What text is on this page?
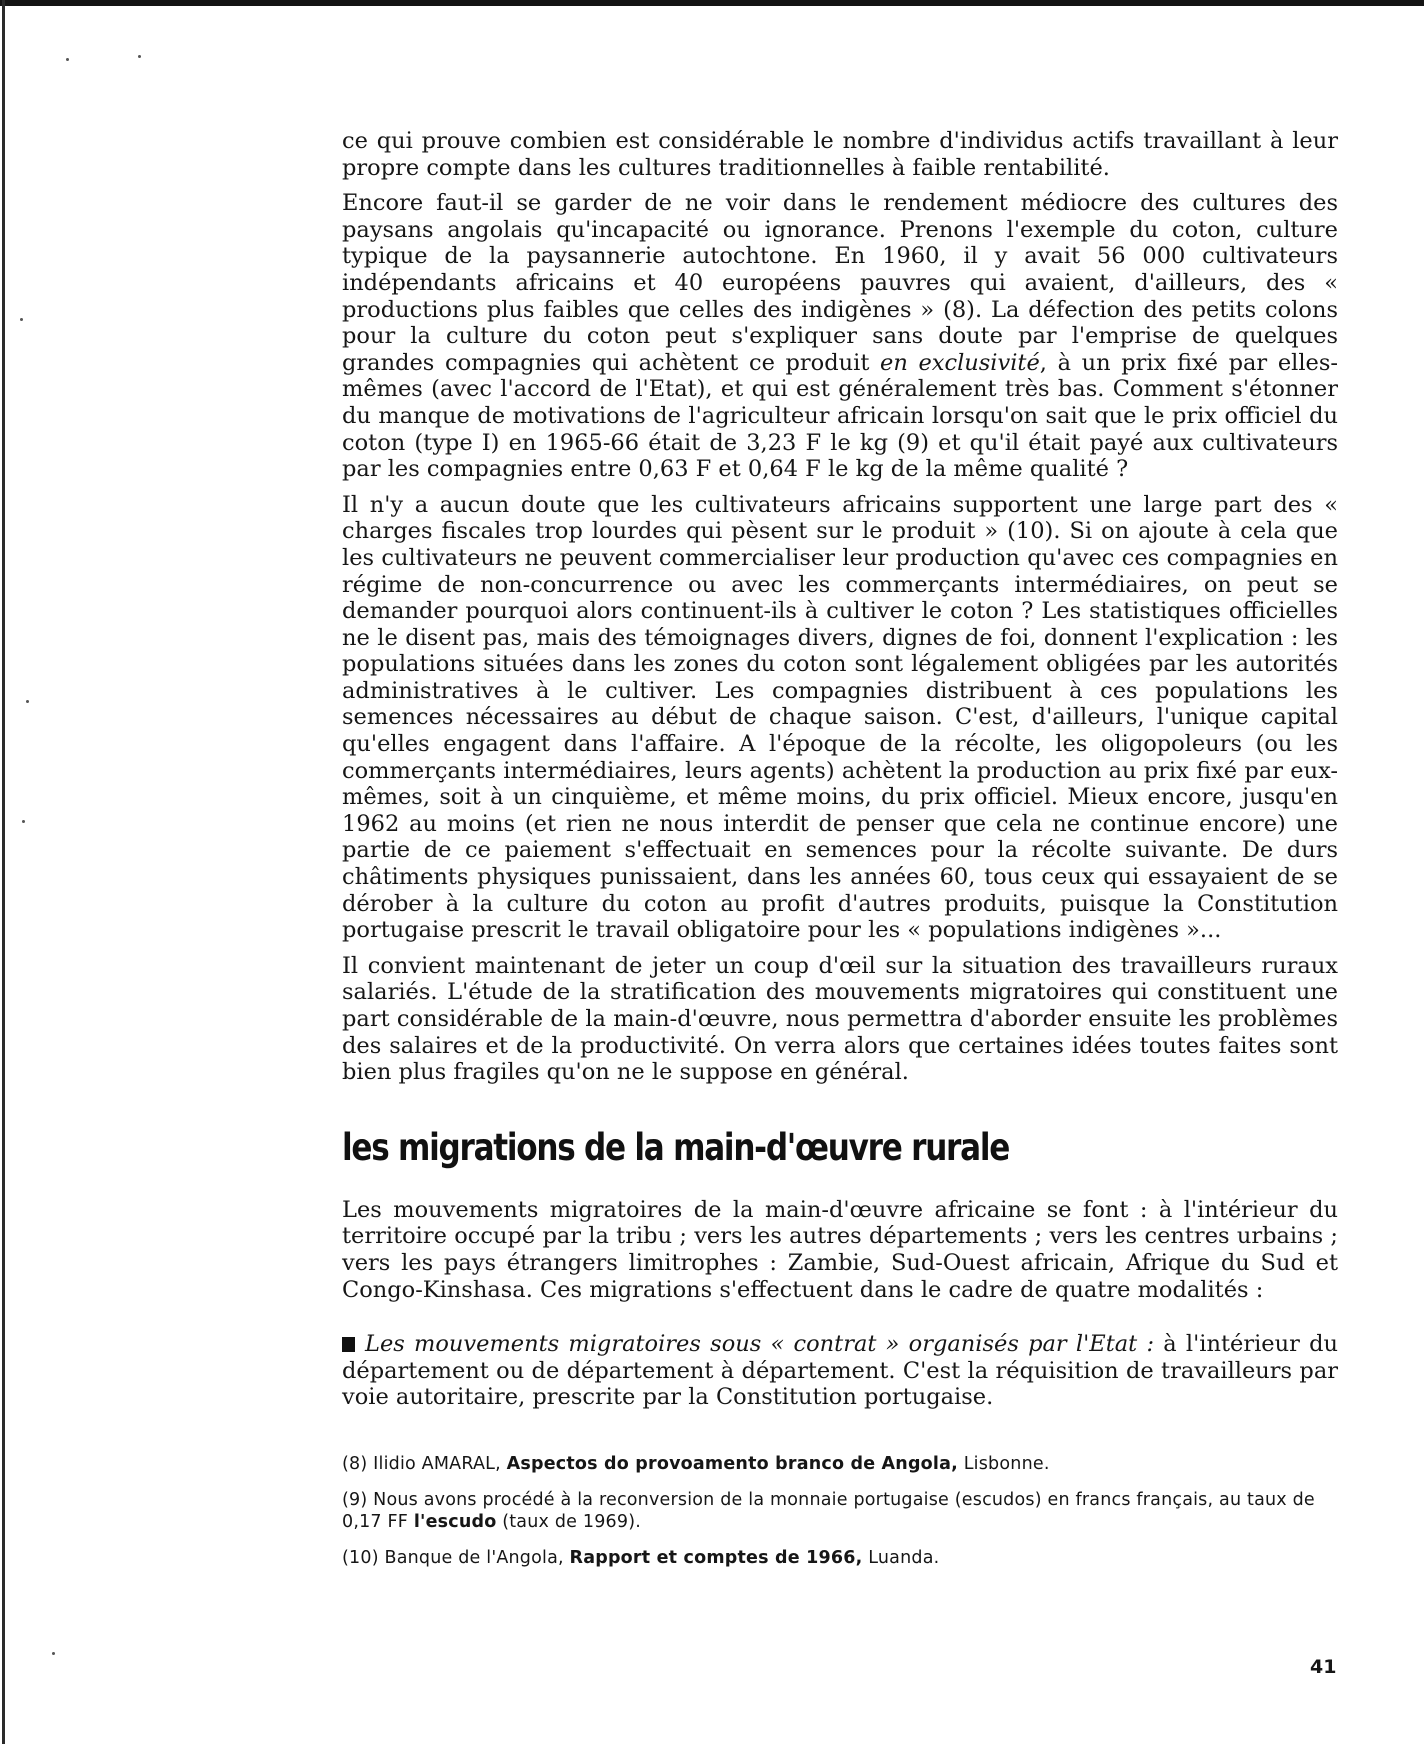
ce qui prouve combien est considérable le nombre d'individus actifs travaillant à leur propre compte dans les cultures traditionnelles à faible rentabilité.

Encore faut-il se garder de ne voir dans le rendement médiocre des cultures des paysans angolais qu'incapacité ou ignorance. Prenons l'exemple du coton, culture typique de la paysannerie autochtone. En 1960, il y avait 56 000 cultivateurs indépendants africains et 40 européens pauvres qui avaient, d'ailleurs, des « productions plus faibles que celles des indigènes » (8). La défection des petits colons pour la culture du coton peut s'expliquer sans doute par l'emprise de quelques grandes compagnies qui achètent ce produit en exclusivité, à un prix fixé par elles-mêmes (avec l'accord de l'Etat), et qui est généralement très bas. Comment s'étonner du manque de motivations de l'agriculteur africain lorsqu'on sait que le prix officiel du coton (type I) en 1965-66 était de 3,23 F le kg (9) et qu'il était payé aux cultivateurs par les compagnies entre 0,63 F et 0,64 F le kg de la même qualité ?

Il n'y a aucun doute que les cultivateurs africains supportent une large part des « charges fiscales trop lourdes qui pèsent sur le produit » (10). Si on ajoute à cela que les cultivateurs ne peuvent commercialiser leur production qu'avec ces compagnies en régime de non-concurrence ou avec les commerçants intermédiaires, on peut se demander pourquoi alors continuent-ils à cultiver le coton ? Les statistiques officielles ne le disent pas, mais des témoignages divers, dignes de foi, donnent l'explication : les populations situées dans les zones du coton sont légalement obligées par les autorités administratives à le cultiver. Les compagnies distribuent à ces populations les semences nécessaires au début de chaque saison. C'est, d'ailleurs, l'unique capital qu'elles engagent dans l'affaire. A l'époque de la récolte, les oligopoleurs (ou les commerçants intermédiaires, leurs agents) achètent la production au prix fixé par eux-mêmes, soit à un cinquième, et même moins, du prix officiel. Mieux encore, jusqu'en 1962 au moins (et rien ne nous interdit de penser que cela ne continue encore) une partie de ce paiement s'effectuait en semences pour la récolte suivante. De durs châtiments physiques punissaient, dans les années 60, tous ceux qui essayaient de se dérober à la culture du coton au profit d'autres produits, puisque la Constitution portugaise prescrit le travail obligatoire pour les « populations indigènes »...

Il convient maintenant de jeter un coup d'œil sur la situation des travailleurs ruraux salariés. L'étude de la stratification des mouvements migratoires qui constituent une part considérable de la main-d'œuvre, nous permettra d'aborder ensuite les problèmes des salaires et de la productivité. On verra alors que certaines idées toutes faites sont bien plus fragiles qu'on ne le suppose en général.

les migrations de la main-d'œuvre rurale

Les mouvements migratoires de la main-d'œuvre africaine se font : à l'intérieur du territoire occupé par la tribu ; vers les autres départements ; vers les centres urbains ; vers les pays étrangers limitrophes : Zambie, Sud-Ouest africain, Afrique du Sud et Congo-Kinshasa. Ces migrations s'effectuent dans le cadre de quatre modalités :

Les mouvements migratoires sous « contrat » organisés par l'Etat : à l'intérieur du département ou de département à département. C'est la réquisition de travailleurs par voie autoritaire, prescrite par la Constitution portugaise.

(8) Ilidio AMARAL, Aspectos do provoamento branco de Angola, Lisbonne.

(9) Nous avons procédé à la reconversion de la monnaie portugaise (escudos) en francs français, au taux de 0,17 FF l'escudo (taux de 1969).

(10) Banque de l'Angola, Rapport et comptes de 1966, Luanda.

41
